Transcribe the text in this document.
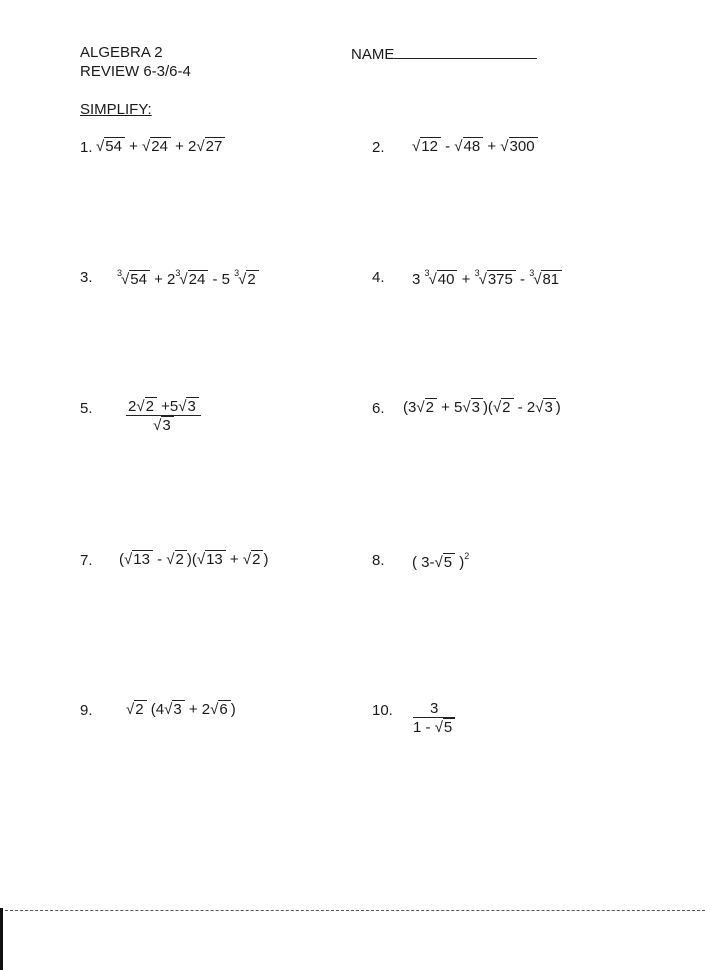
ALGEBRA 2
REVIEW 6-3/6-4
NAME
SIMPLIFY:
1. √54 + √24 + 2√27	2. √12 - √48 + √300
3.	$^3√54 + 2^3√24 - 5$ $^3$√2	4. 3 $^3$√40 + $^3$√375 - $^3$√81
5. $\frac{2√2 +5√3}{√3}$	6. (3√2 + 5√3 )(√2 - 2√3 )
7. (√13 - √2 )(√13 + √2 )	8. ( 3-√5 )$^2$
9. √2 (4√3 + 2√6 )	10. $\frac{3}{1 - √5}$
